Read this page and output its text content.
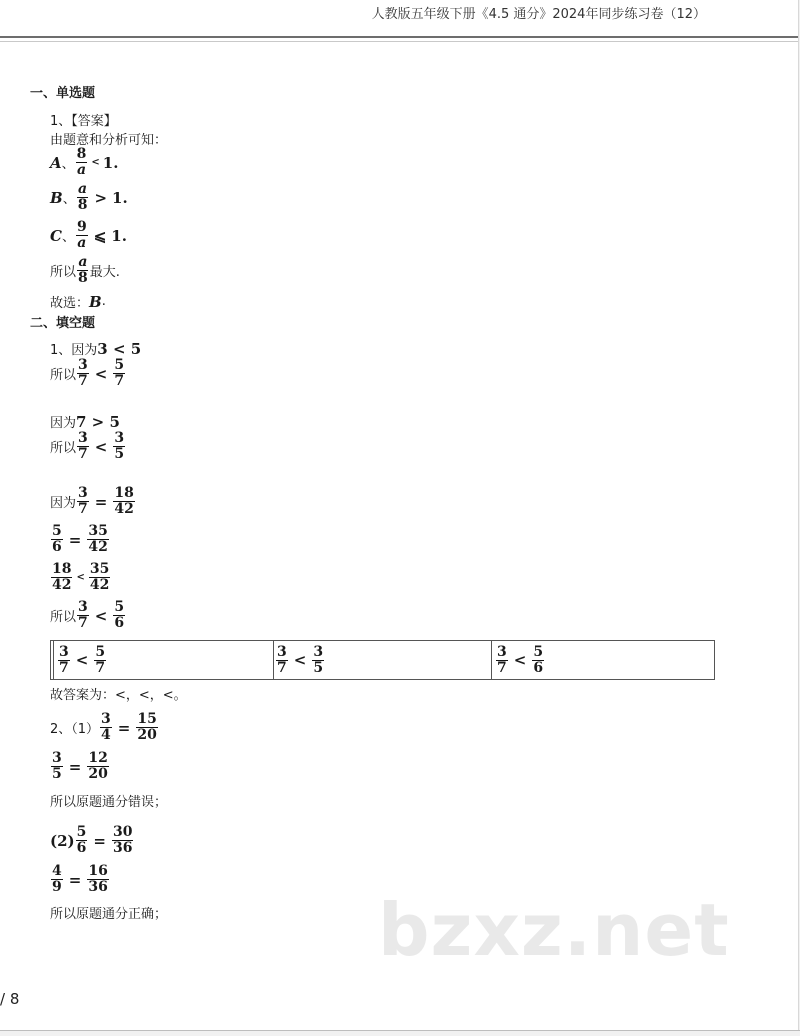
人教版五年级下册《4.5 通分》2024年同步练习卷（12）
一、单选题
1、【答案】
由题意和分析可知：
A 、 $\frac{8}{a} < 1$.
B 、 $\frac{a}{8} > 1$.
C 、 $\frac{9}{a}$ ⩽ 1.
所以 $\frac{a}{8}$ 最大.
故选： B .
二、填空题
1、因为 3 < 5
所以 $\frac{3}{7} < \frac{5}{7}$
因为 7 > 5
所以 $\frac{3}{7} < \frac{3}{5}$
因为 $\frac{3}{7} = \frac{18}{42}$
$\frac{5}{6} = \frac{35}{42}$
$\frac{18}{42} < \frac{35}{42}$
所以 $\frac{3}{7} < \frac{5}{6}$
$\frac{3}{7} < \frac{5}{7}$	$\frac{3}{7} < \frac{3}{5}$	$\frac{3}{7} < \frac{5}{6}$
故答案为：<，<，<。
2、$(1) \frac{3}{4} = \frac{15}{20}$
$\frac{3}{5} = \frac{12}{20}$
所以原题通分错误；
$(2) \frac{5}{6} = \frac{30}{36}$
$\frac{4}{9} = \frac{16}{36}$
所以原题通分正确；	bzxz.net
/ 8
